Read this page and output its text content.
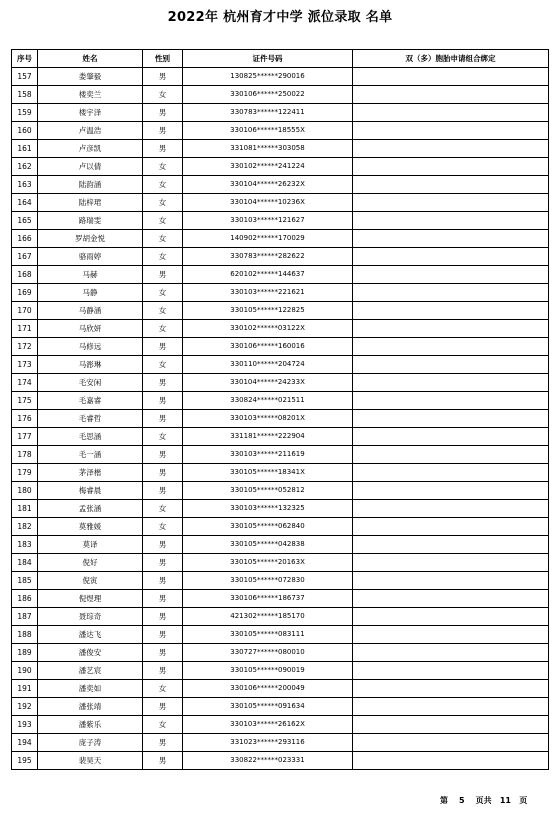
2022年 杭州育才中学 派位录取 名单
序号	姓名	性别	证件号码	双（多）胞胎申请组合绑定
157	娄肇毅	男	130825******290016	
158	楼奕兰	女	330106******250022	
159	楼宇泽	男	330783******122411	
160	卢温浩	男	330106******18555X	
161	卢彦凯	男	331081******303058	
162	卢以倩	女	330102******241224	
163	陆韵涵	女	330104******26232X	
164	陆梓珺	女	330104******10236X	
165	路瑞雯	女	330103******121627	
166	罗胡金悦	女	140902******170029	
167	骆雨婷	女	330783******282622	
168	马赫	男	620102******144637	
169	马静	女	330103******221621	
170	马静涵	女	330105******122825	
171	马欣妍	女	330102******03122X	
172	马修远	男	330106******160016	
173	马浵琳	女	330110******204724	
174	毛安闲	男	330104******24233X	
175	毛嘉睿	男	330824******021511	
176	毛睿哲	男	330103******08201X	
177	毛思涵	女	331181******222904	
178	毛一涵	男	330103******211619	
179	茅泽楷	男	330105******18341X	
180	梅睿晨	男	330105******052812	
181	孟张涵	女	330103******132325	
182	莫雅媛	女	330105******062840	
183	莫译	男	330105******042838	
184	倪好	男	330105******20163X	
185	倪寅	男	330105******072830	
186	倪煜理	男	330106******186737	
187	聂琮奇	男	421302******185170	
188	潘达飞	男	330105******083111	
189	潘俊安	男	330727******080010	
190	潘艺宸	男	330105******090019	
191	潘奕如	女	330106******200049	
192	潘张靖	男	330105******091634	
193	潘紫乐	女	330103******26162X	
194	庞子涛	男	331023******293116	
195	裴昊天	男	330822******023331	
第 5 页共 11 页
